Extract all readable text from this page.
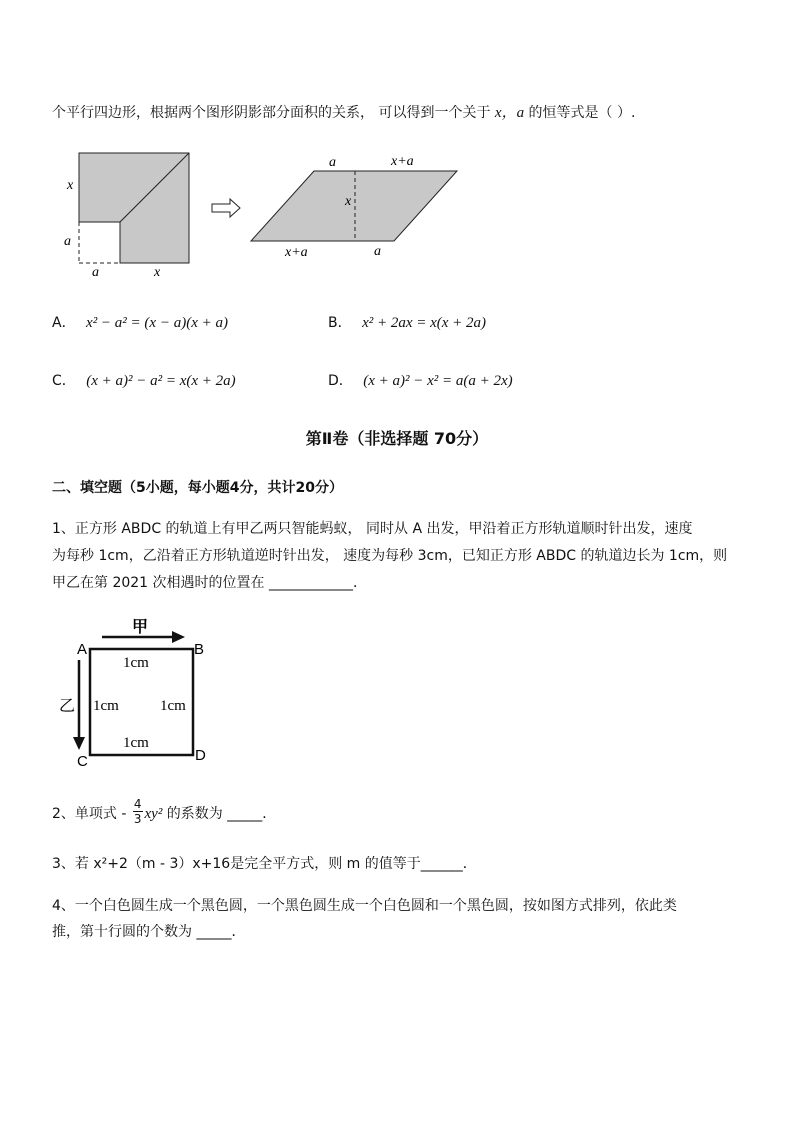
个平行四边形，根据两个图形阴影部分面积的关系， 可以得到一个关于 x，a 的恒等式是（ ）.
x
a
a	x
a	x+a
x
x+a	a
A． x² − a² = (x − a)(x + a)	B． x² + 2ax = x(x + 2a)
C． (x + a)² − a² = x(x + 2a)	D． (x + a)² − x² = a(a + 2x)
第Ⅱ卷（非选择题 70分）
二、填空题（5小题，每小题4分，共计20分）
1、正方形 ABDC 的轨道上有甲乙两只智能蚂蚁， 同时从 A 出发，甲沿着正方形轨道顺时针出发，速度
为每秒 1cm，乙沿着正方形轨道逆时针出发， 速度为每秒 3cm，已知正方形 ABDC 的轨道边长为 1cm，则
甲乙在第 2021 次相遇时的位置在 ____________．
A	B
C	D
甲
乙
1cm
1cm	1cm
1cm
2、单项式 - $\frac{4}{3} xy^2$ 的系数为 _____．
3、若 x²+2（m - 3）x+16是完全平方式，则 m 的值等于______．
4、一个白色圆生成一个黑色圆，一个黑色圆生成一个白色圆和一个黑色圆，按如图方式排列，依此类
推，第十行圆的个数为 _____．
